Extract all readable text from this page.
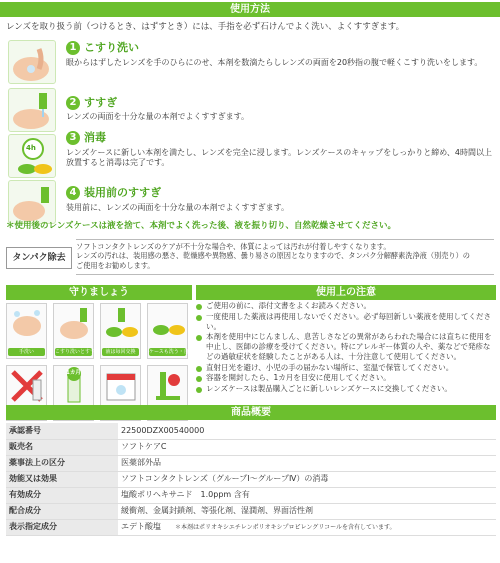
使用方法
レンズを取り扱う前（つけるとき、はずすとき）には、手指を必ず石けんでよく洗い、よくすすぎます。
1 こすり洗い
眼からはずしたレンズを手のひらにのせ、本剤を数滴たらしレンズの両面を20秒指の腹で軽くこすり洗いをします。
2 すすぎ
レンズの両面を十分な量の本剤でよくすすぎます。
4h
3 消毒
レンズケースに新しい本剤を満たし、レンズを完全に浸します。レンズケースのキャップをしっかりと締め、4時間以上放置すると消毒は完了です。
4 装用前のすすぎ
装用前に、レンズの両面を十分な量の本剤でよくすすぎます。
＊使用後のレンズケースは液を捨て、本剤でよく洗った後、液を振り切り、自然乾燥させてください。
タンパク除去
ソフトコンタクトレンズのケアが不十分な場合や、体質によっては汚れが付着しやすくなります。
レンズの汚れは、装用感の悪さ、乾燥感や異物感、曇り易さの原因となりますので、タンパク分解酵素洗浄液（別売り）の
ご使用をお勧めします。
守りましょう
手洗い	こすり洗いとすすぎ	液は毎回交換	ケースも洗う・自然乾燥
1カ月
使用上の注意
ご使用の前に、添付文書をよくお読みください。
一度使用した薬液は再使用しないでください。必ず毎回新しい薬液を使用してください。
本剤を使用中にじんましん、息苦しさなどの異常があらわれた場合には直ちに使用を中止し、医師の診療を受けてください。特にアレルギー体質の人や、薬などで発疹などの過敏症状を経験したことがある人は、十分注意して使用してください。
直射日光を避け、小児の手の届かない場所に、室温で保管してください。
容器を開封したら、1カ月を目安に使用してください。
レンズケースは製品購入ごとに新しいレンズケースに交換してください。
商品概要
承認番号	22500DZX00540000
販売名	ソフトケアC
薬事法上の区分	医薬部外品
効能又は効果	ソフトコンタクトレンズ（グループⅠ～グループⅣ）の消毒
有効成分	塩酸ポリヘキサニド　1.0ppm 含有
配合成分	緩衝剤、金属封鎖剤、等張化剤、湿潤剤、界面活性剤
表示指定成分	エデト酸塩 ＊本剤はポリオキシエチレンポリオキシプロピレングリコールを含有しています。
